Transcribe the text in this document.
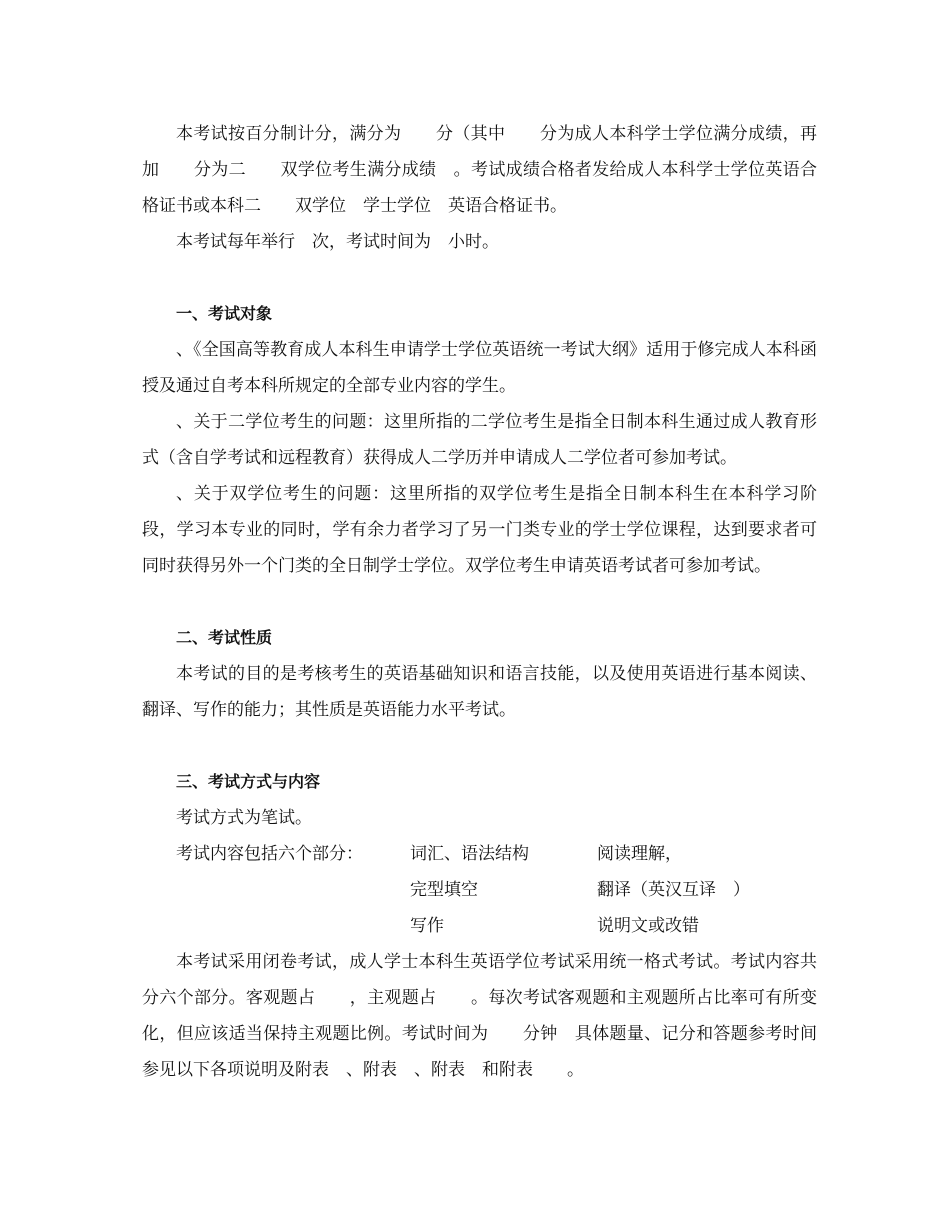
本考试按百分制计分，满分为　　分（其中　　分为成人本科学士学位满分成绩，再加　　分为二　　双学位考生满分成绩　。考试成绩合格者发给成人本科学士学位英语合格证书或本科二　　双学位　学士学位　英语合格证书。

本考试每年举行　次，考试时间为　小时。

一、考试对象

、《全国高等教育成人本科生申请学士学位英语统一考试大纲》适用于修完成人本科函授及通过自考本科所规定的全部专业内容的学生。

、关于二学位考生的问题：这里所指的二学位考生是指全日制本科生通过成人教育形式（含自学考试和远程教育）获得成人二学历并申请成人二学位者可参加考试。

、关于双学位考生的问题：这里所指的双学位考生是指全日制本科生在本科学习阶段，学习本专业的同时，学有余力者学习了另一门类专业的学士学位课程，达到要求者可同时获得另外一个门类的全日制学士学位。双学位考生申请英语考试者可参加考试。

二、考试性质

本考试的目的是考核考生的英语基础知识和语言技能，以及使用英语进行基本阅读、翻译、写作的能力；其性质是英语能力水平考试。

三、考试方式与内容

考试方式为笔试。

考试内容包括六个部分：	词汇、语法结构	阅读理解，
完型填空	翻译（英汉互译　）
写作	说明文或改错

本考试采用闭卷考试，成人学士本科生英语学位考试采用统一格式考试。考试内容共分六个部分。客观题占　　，主观题占　　。每次考试客观题和主观题所占比率可有所变化，但应该适当保持主观题比例。考试时间为　　分钟　具体题量、记分和答题参考时间参见以下各项说明及附表　、附表　、附表　和附表　　。
